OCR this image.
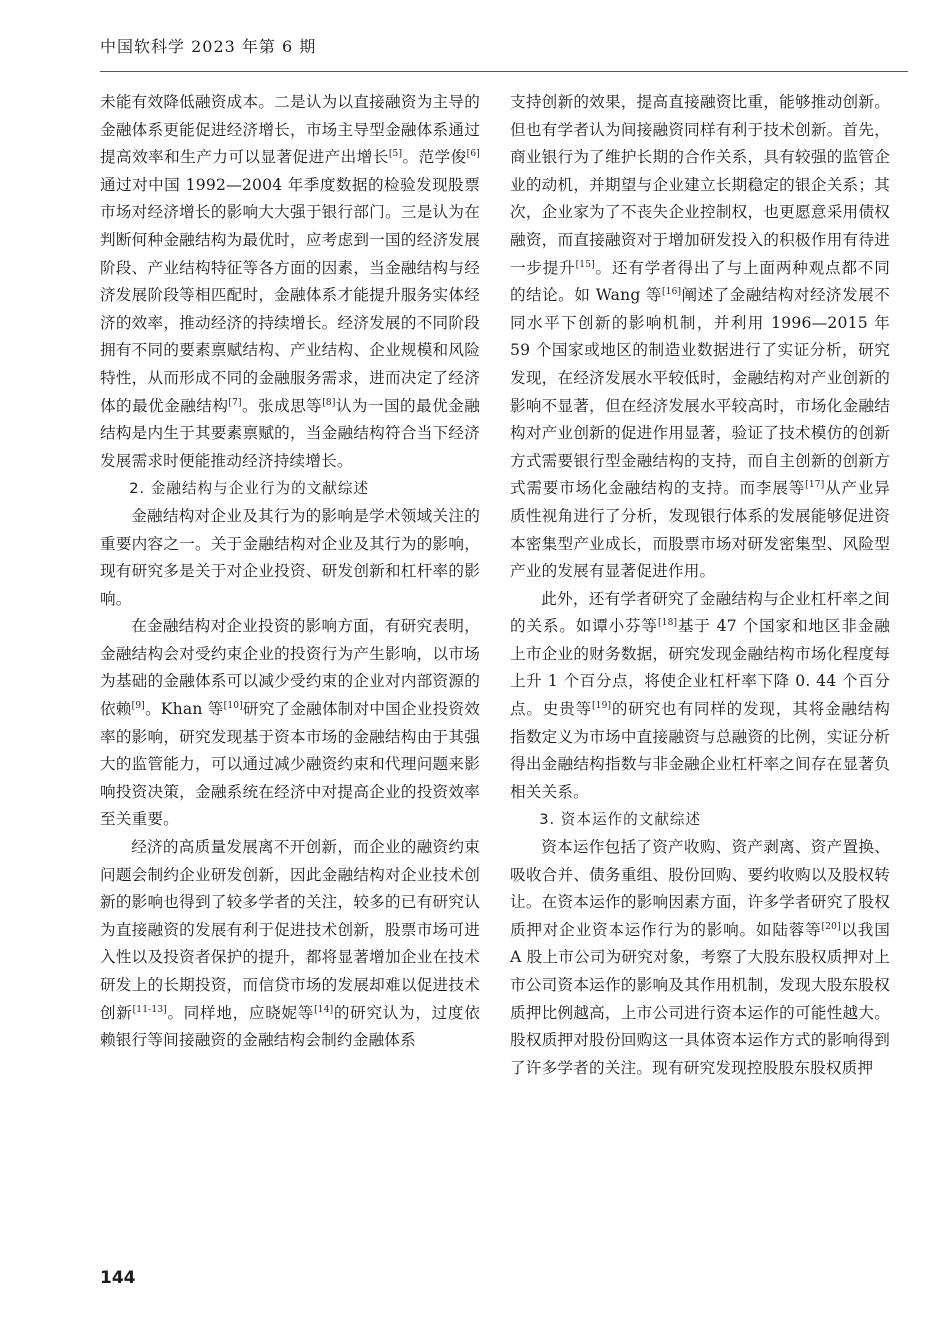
中国软科学 2023 年第 6 期

未能有效降低融资成本。二是认为以直接融资为主导的金融体系更能促进经济增长，市场主导型金融体系通过提高效率和生产力可以显著促进产出增长[5]。范学俊[6]通过对中国 1992—2004 年季度数据的检验发现股票市场对经济增长的影响大大强于银行部门。三是认为在判断何种金融结构为最优时，应考虑到一国的经济发展阶段、产业结构特征等各方面的因素，当金融结构与经济发展阶段等相匹配时，金融体系才能提升服务实体经济的效率，推动经济的持续增长。经济发展的不同阶段拥有不同的要素禀赋结构、产业结构、企业规模和风险特性，从而形成不同的金融服务需求，进而决定了经济体的最优金融结构[7]。张成思等[8]认为一国的最优金融结构是内生于其要素禀赋的，当金融结构符合当下经济发展需求时便能推动经济持续增长。

2. 金融结构与企业行为的文献综述

金融结构对企业及其行为的影响是学术领域关注的重要内容之一。关于金融结构对企业及其行为的影响，现有研究多是关于对企业投资、研发创新和杠杆率的影响。

在金融结构对企业投资的影响方面，有研究表明，金融结构会对受约束企业的投资行为产生影响，以市场为基础的金融体系可以减少受约束的企业对内部资源的依赖[9]。Khan 等[10]研究了金融体制对中国企业投资效率的影响，研究发现基于资本市场的金融结构由于其强大的监管能力，可以通过减少融资约束和代理问题来影响投资决策，金融系统在经济中对提高企业的投资效率至关重要。

经济的高质量发展离不开创新，而企业的融资约束问题会制约企业研发创新，因此金融结构对企业技术创新的影响也得到了较多学者的关注，较多的已有研究认为直接融资的发展有利于促进技术创新，股票市场可进入性以及投资者保护的提升，都将显著增加企业在技术研发上的长期投资，而信贷市场的发展却难以促进技术创新[11-13]。同样地，应晓妮等[14]的研究认为，过度依赖银行等间接融资的金融结构会制约金融体系

支持创新的效果，提高直接融资比重，能够推动创新。但也有学者认为间接融资同样有利于技术创新。首先，商业银行为了维护长期的合作关系，具有较强的监管企业的动机，并期望与企业建立长期稳定的银企关系；其次，企业家为了不丧失企业控制权，也更愿意采用债权融资，而直接融资对于增加研发投入的积极作用有待进一步提升[15]。还有学者得出了与上面两种观点都不同的结论。如 Wang 等[16]阐述了金融结构对经济发展不同水平下创新的影响机制，并利用 1996—2015 年 59 个国家或地区的制造业数据进行了实证分析，研究发现，在经济发展水平较低时，金融结构对产业创新的影响不显著，但在经济发展水平较高时，市场化金融结构对产业创新的促进作用显著，验证了技术模仿的创新方式需要银行型金融结构的支持，而自主创新的创新方式需要市场化金融结构的支持。而李展等[17]从产业异质性视角进行了分析，发现银行体系的发展能够促进资本密集型产业成长，而股票市场对研发密集型、风险型产业的发展有显著促进作用。

此外，还有学者研究了金融结构与企业杠杆率之间的关系。如谭小芬等[18]基于 47 个国家和地区非金融上市企业的财务数据，研究发现金融结构市场化程度每上升 1 个百分点，将使企业杠杆率下降 0. 44 个百分点。史贵等[19]的研究也有同样的发现，其将金融结构指数定义为市场中直接融资与总融资的比例，实证分析得出金融结构指数与非金融企业杠杆率之间存在显著负相关关系。

3. 资本运作的文献综述

资本运作包括了资产收购、资产剥离、资产置换、吸收合并、债务重组、股份回购、要约收购以及股权转让。在资本运作的影响因素方面，许多学者研究了股权质押对企业资本运作行为的影响。如陆蓉等[20]以我国 A 股上市公司为研究对象，考察了大股东股权质押对上市公司资本运作的影响及其作用机制，发现大股东股权质押比例越高，上市公司进行资本运作的可能性越大。股权质押对股份回购这一具体资本运作方式的影响得到了许多学者的关注。现有研究发现控股股东股权质押

144
